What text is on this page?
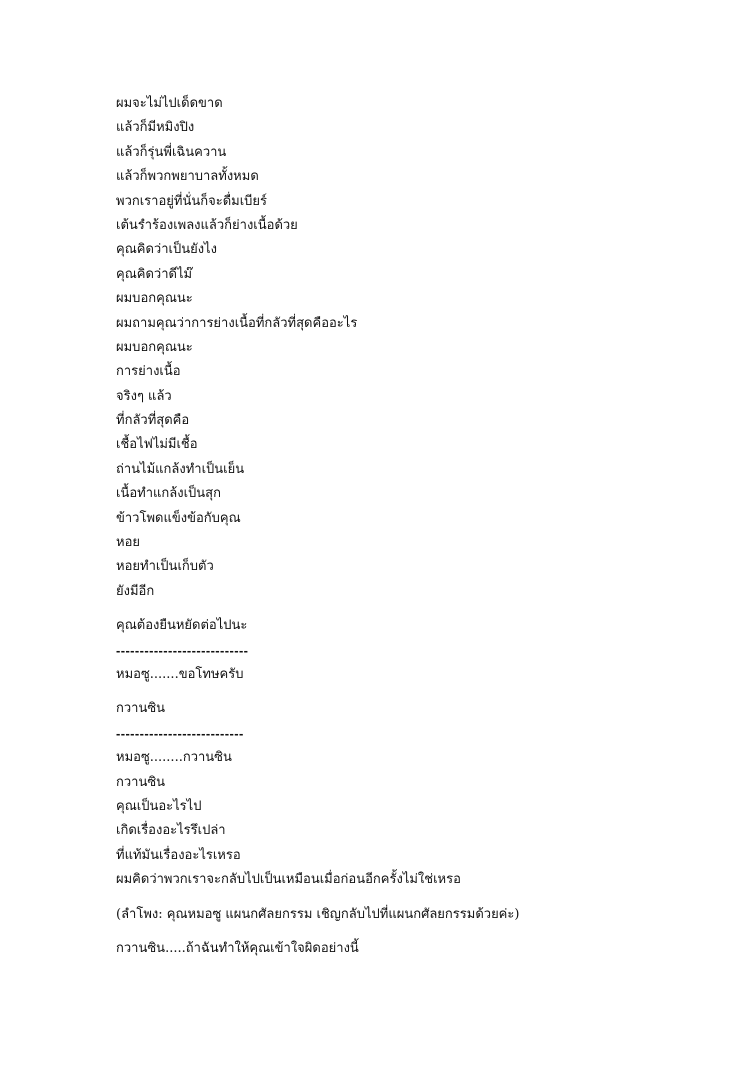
ผมจะไม่ไปเด็ดขาด
แล้วก็มีหมิงปิง
แล้วก็รุ่นพี่เฉินควาน
แล้วก็พวกพยาบาลทั้งหมด
พวกเราอยู่ที่นั่นก็จะดื่มเบียร์
เต้นรำร้องเพลงแล้วก็ย่างเนื้อด้วย
คุณคิดว่าเป็นยังไง
คุณคิดว่าดีไม๊
ผมบอกคุณนะ
ผมถามคุณว่าการย่างเนื้อที่กลัวที่สุดคืออะไร
ผมบอกคุณนะ
การย่างเนื้อ
จริงๆ แล้ว
ที่กลัวที่สุดคือ
เชื้อไฟไม่มีเชื้อ
ถ่านไม้แกล้งทำเป็นเย็น
เนื้อทำแกล้งเป็นสุก
ข้าวโพดแข็งข้อกับคุณ
หอย
หอยทำเป็นเก็บตัว
ยังมีอีก
คุณต้องยืนหยัดต่อไปนะ
----------------------------
หมอซู.......ขอโทษครับ
กวานซิน
---------------------------
หมอซู........กวานซิน
กวานซิน
คุณเป็นอะไรไป
เกิดเรื่องอะไรรึเปล่า
ที่แท้มันเรื่องอะไรเหรอ
ผมคิดว่าพวกเราจะกลับไปเป็นเหมือนเมื่อก่อนอีกครั้งไม่ใช่เหรอ
(ลำโพง: คุณหมอซู แผนกศัลยกรรม เชิญกลับไปที่แผนกศัลยกรรมด้วยค่ะ)
กวานซิน.....ถ้าฉันทำให้คุณเข้าใจผิดอย่างนี้
